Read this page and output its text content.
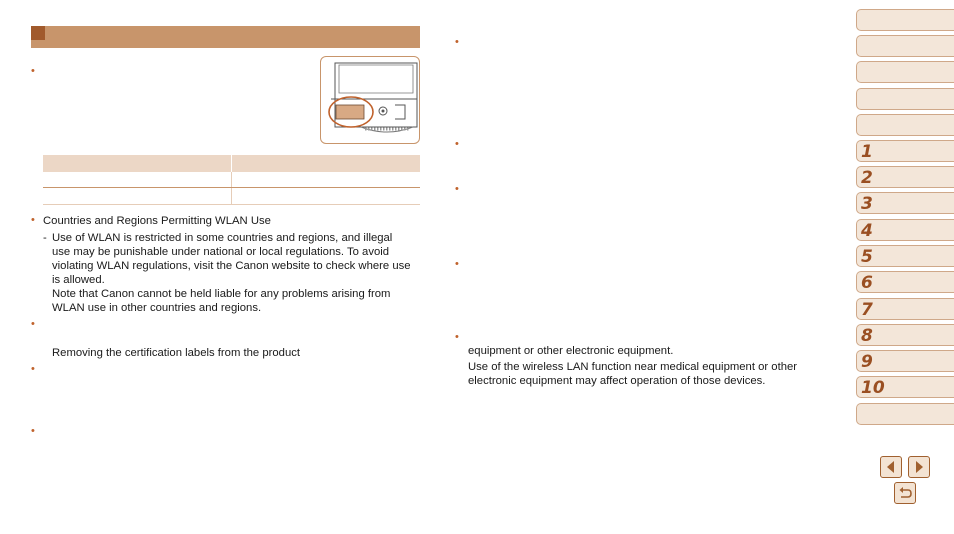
•
• Countries and Regions Permitting WLAN Use
- Use of WLAN is restricted in some countries and regions, and illegal
use may be punishable under national or local regulations. To avoid
violating WLAN regulations, visit the Canon website to check where use
is allowed.
Note that Canon cannot be held liable for any problems arising from
WLAN use in other countries and regions.
•
Removing the certification labels from the product
•
•
•
•
•
•
•
equipment or other electronic equipment.
Use of the wireless LAN function near medical equipment or other
electronic equipment may affect operation of those devices.
1
2
3
4
5
6
7
8
9
10
